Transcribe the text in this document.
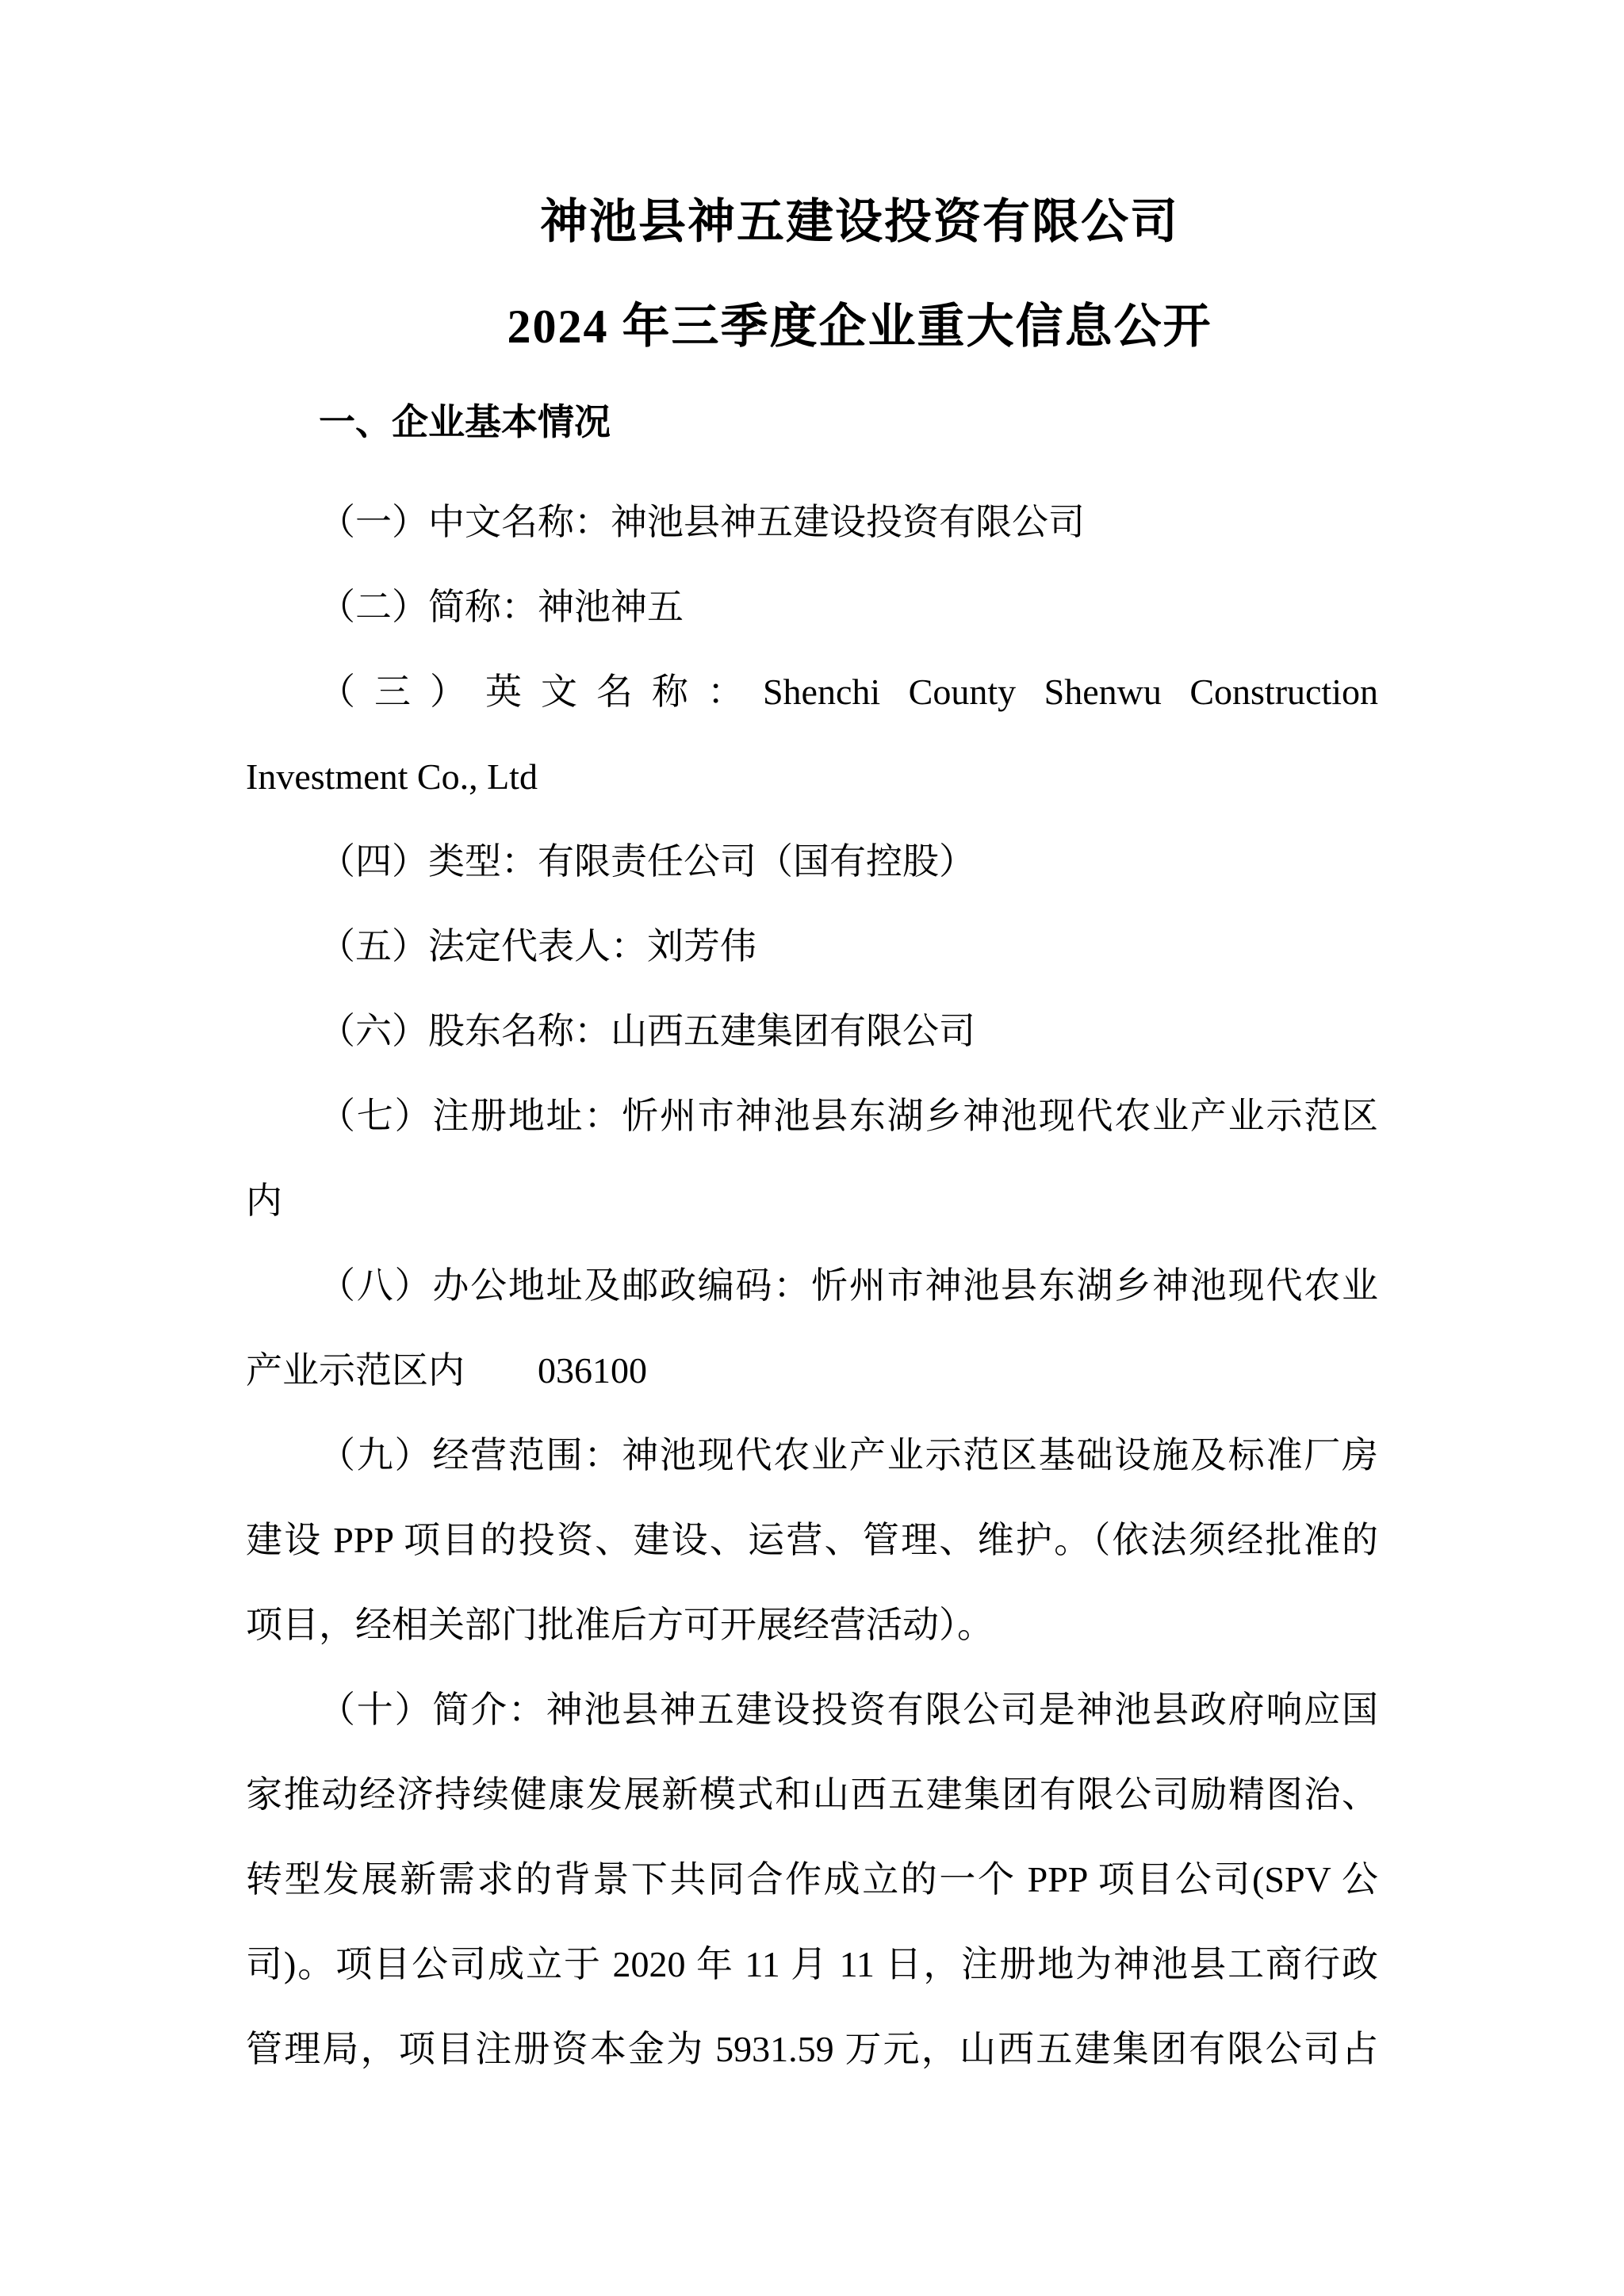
神池县神五建设投资有限公司
2024 年三季度企业重大信息公开
一、企业基本情况
（一）中文名称：神池县神五建设投资有限公司
（二）简称：神池神五
（三）英文名称：Shenchi County Shenwu Construction
Investment Co., Ltd
（四）类型：有限责任公司（国有控股）
（五）法定代表人：刘芳伟
（六）股东名称：山西五建集团有限公司
（七）注册地址：忻州市神池县东湖乡神池现代农业产业示范区
内
（八）办公地址及邮政编码：忻州市神池县东湖乡神池现代农业
产业示范区内　　036100
（九）经营范围：神池现代农业产业示范区基础设施及标准厂房
建设 PPP 项目的投资、建设、运营、管理、维护。（依法须经批准的
项目，经相关部门批准后方可开展经营活动）。
（十）简介：神池县神五建设投资有限公司是神池县政府响应国
家推动经济持续健康发展新模式和山西五建集团有限公司励精图治、
转型发展新需求的背景下共同合作成立的一个 PPP 项目公司(SPV 公
司)。项目公司成立于 2020 年 11 月 11 日，注册地为神池县工商行政
管理局，项目注册资本金为 5931.59 万元，山西五建集团有限公司占
